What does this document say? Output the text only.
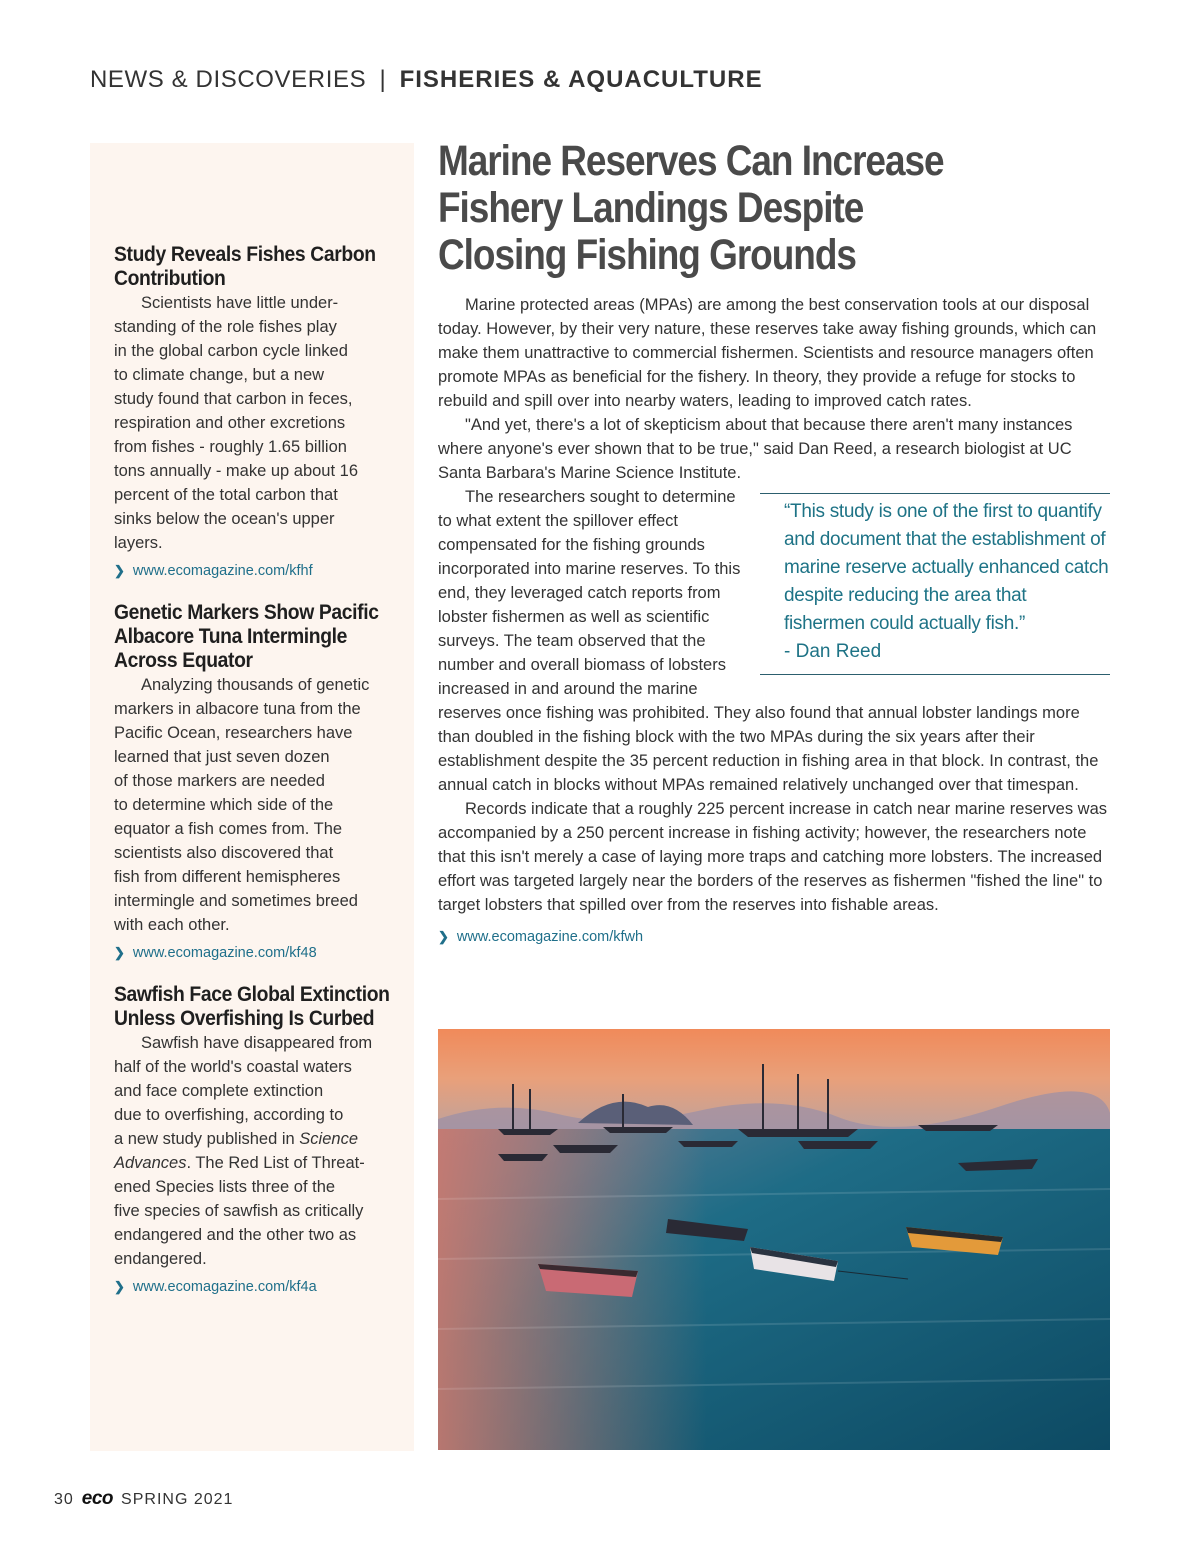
NEWS & DISCOVERIES | FISHERIES & AQUACULTURE
Study Reveals Fishes Carbon Contribution

Scientists have little under-
standing of the role fishes play
in the global carbon cycle linked
to climate change, but a new
study found that carbon in feces,
respiration and other excretions
from fishes - roughly 1.65 billion
tons annually - make up about 16
percent of the total carbon that
sinks below the ocean's upper
layers.

❯ www.ecomagazine.com/kfhf
Genetic Markers Show Pacific Albacore Tuna Intermingle Across Equator

Analyzing thousands of genetic
markers in albacore tuna from the
Pacific Ocean, researchers have
learned that just seven dozen
of those markers are needed
to determine which side of the
equator a fish comes from. The
scientists also discovered that
fish from different hemispheres
intermingle and sometimes breed
with each other.

❯ www.ecomagazine.com/kf48
Sawfish Face Global Extinction Unless Overfishing Is Curbed

Sawfish have disappeared from
half of the world's coastal waters
and face complete extinction
due to overfishing, according to
a new study published in Science
Advances. The Red List of Threat-
ened Species lists three of the
five species of sawfish as critically
endangered and the other two as
endangered.

❯ www.ecomagazine.com/kf4a
Marine Reserves Can Increase
Fishery Landings Despite
Closing Fishing Grounds

Marine protected areas (MPAs) are among the best conservation tools at our disposal today. However, by their very nature, these reserves take away fishing grounds, which can make them unattractive to commercial fishermen. Scientists and resource managers often promote MPAs as beneficial for the fishery. In theory, they provide a refuge for stocks to rebuild and spill over into nearby waters, leading to improved catch rates.

"And yet, there's a lot of skepticism about that because there aren't many instances where anyone's ever shown that to be true," said Dan Reed, a research biologist at UC Santa Barbara's Marine Science Institute.

“This study is one of the first to quantify and document that the establishment of marine reserve actually enhanced catch despite reducing the area that fishermen could actually fish.”
- Dan Reed

The researchers sought to determine to what extent the spillover effect compensated for the fishing grounds incorporated into marine reserves. To this end, they leveraged catch reports from lobster fishermen as well as scientific surveys. The team observed that the number and overall biomass of lobsters increased in and around the marine reserves once fishing was prohibited. They also found that annual lobster landings more than doubled in the fishing block with the two MPAs during the six years after their establishment despite the 35 percent reduction in fishing area in that block. In contrast, the annual catch in blocks without MPAs remained relatively unchanged over that timespan.

Records indicate that a roughly 225 percent increase in catch near marine reserves was accompanied by a 250 percent increase in fishing activity; however, the researchers note that this isn't merely a case of laying more traps and catching more lobsters. The increased effort was targeted largely near the borders of the reserves as fishermen "fished the line" to target lobsters that spilled over from the reserves into fishable areas.

❯ www.ecomagazine.com/kfwh
30 eco SPRING 2021
